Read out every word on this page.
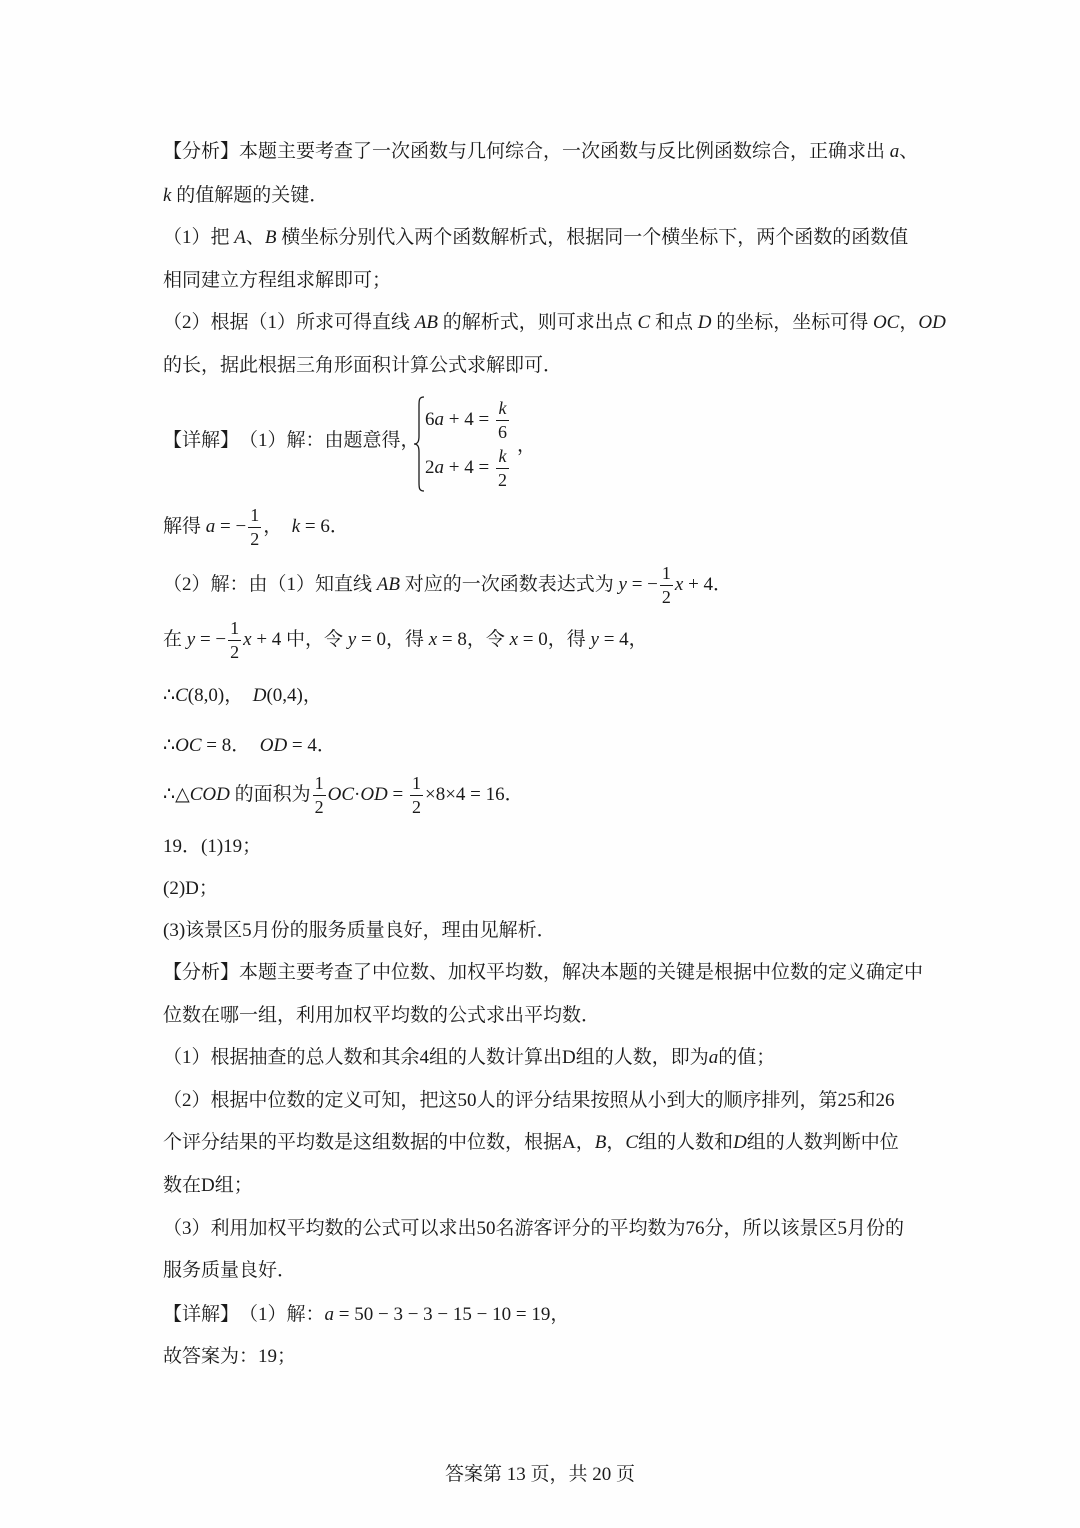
【分析】 本题主要考查了一次函数与几何综合，一次函数与反比例函数综合，正确求出 a 、
k 的值解题的关键．
（1）把 A 、 B 横坐标分别代入两个函数解析式，根据同一个横坐标下，两个函数的函数值
相同建立方程组求解即可；
（2）根据（1）所求可得直线 AB 的解析式，则可求出点 C 和点 D 的坐标，坐标可得 OC ， OD
的长，据此根据三角形面积计算公式求解即可．
【详解】 （1）解：由题意得，
6 $a + 4 = \frac{k}{6}$
2 $a + 4 = \frac{k}{2}$
，
解得 a = − $\frac{1}{2}$ ， k = 6．
（2）解：由（1）知直线 AB 对应的一次函数表达式为 y = − $\frac{1}{2}$ x + 4．
在 y = − $\frac{1}{2}$ x + 4 中，令 y = 0，得 x = 8，令 x = 0，得 y = 4，
∴ C (8,0) ， D (0,4) ，
∴ OC = 8． OD = 4．
∴△ COD 的面积为 $\frac{1}{2}$ OC · OD = $\frac{1}{2} \times 8\times 4 = 16$．
19．(1)19；
(2)D；
(3)该景区5月份的服务质量良好，理由见解析．
【分析】 本题主要考查了中位数、加权平均数，解决本题的关键是根据中位数的定义确定中
位数在哪一组，利用加权平均数的公式求出平均数．
（1）根据抽查的总人数和其余4组的人数计算出D组的人数，即为 a 的值；
（2）根据中位数的定义可知，把这50人的评分结果按照从小到大的顺序排列，第25和26
个评分结果的平均数是这组数据的中位数，根据A， B ， C 组的人数和 D 组的人数判断中位
数在D组；
（3）利用加权平均数的公式可以求出50名游客评分的平均数为76分，所以该景区5月份的
服务质量良好．
【详解】 （1）解： a = 50 − 3 − 3 − 15 − 10 = 19，
故答案为：19；
答案第 13 页，共 20 页
